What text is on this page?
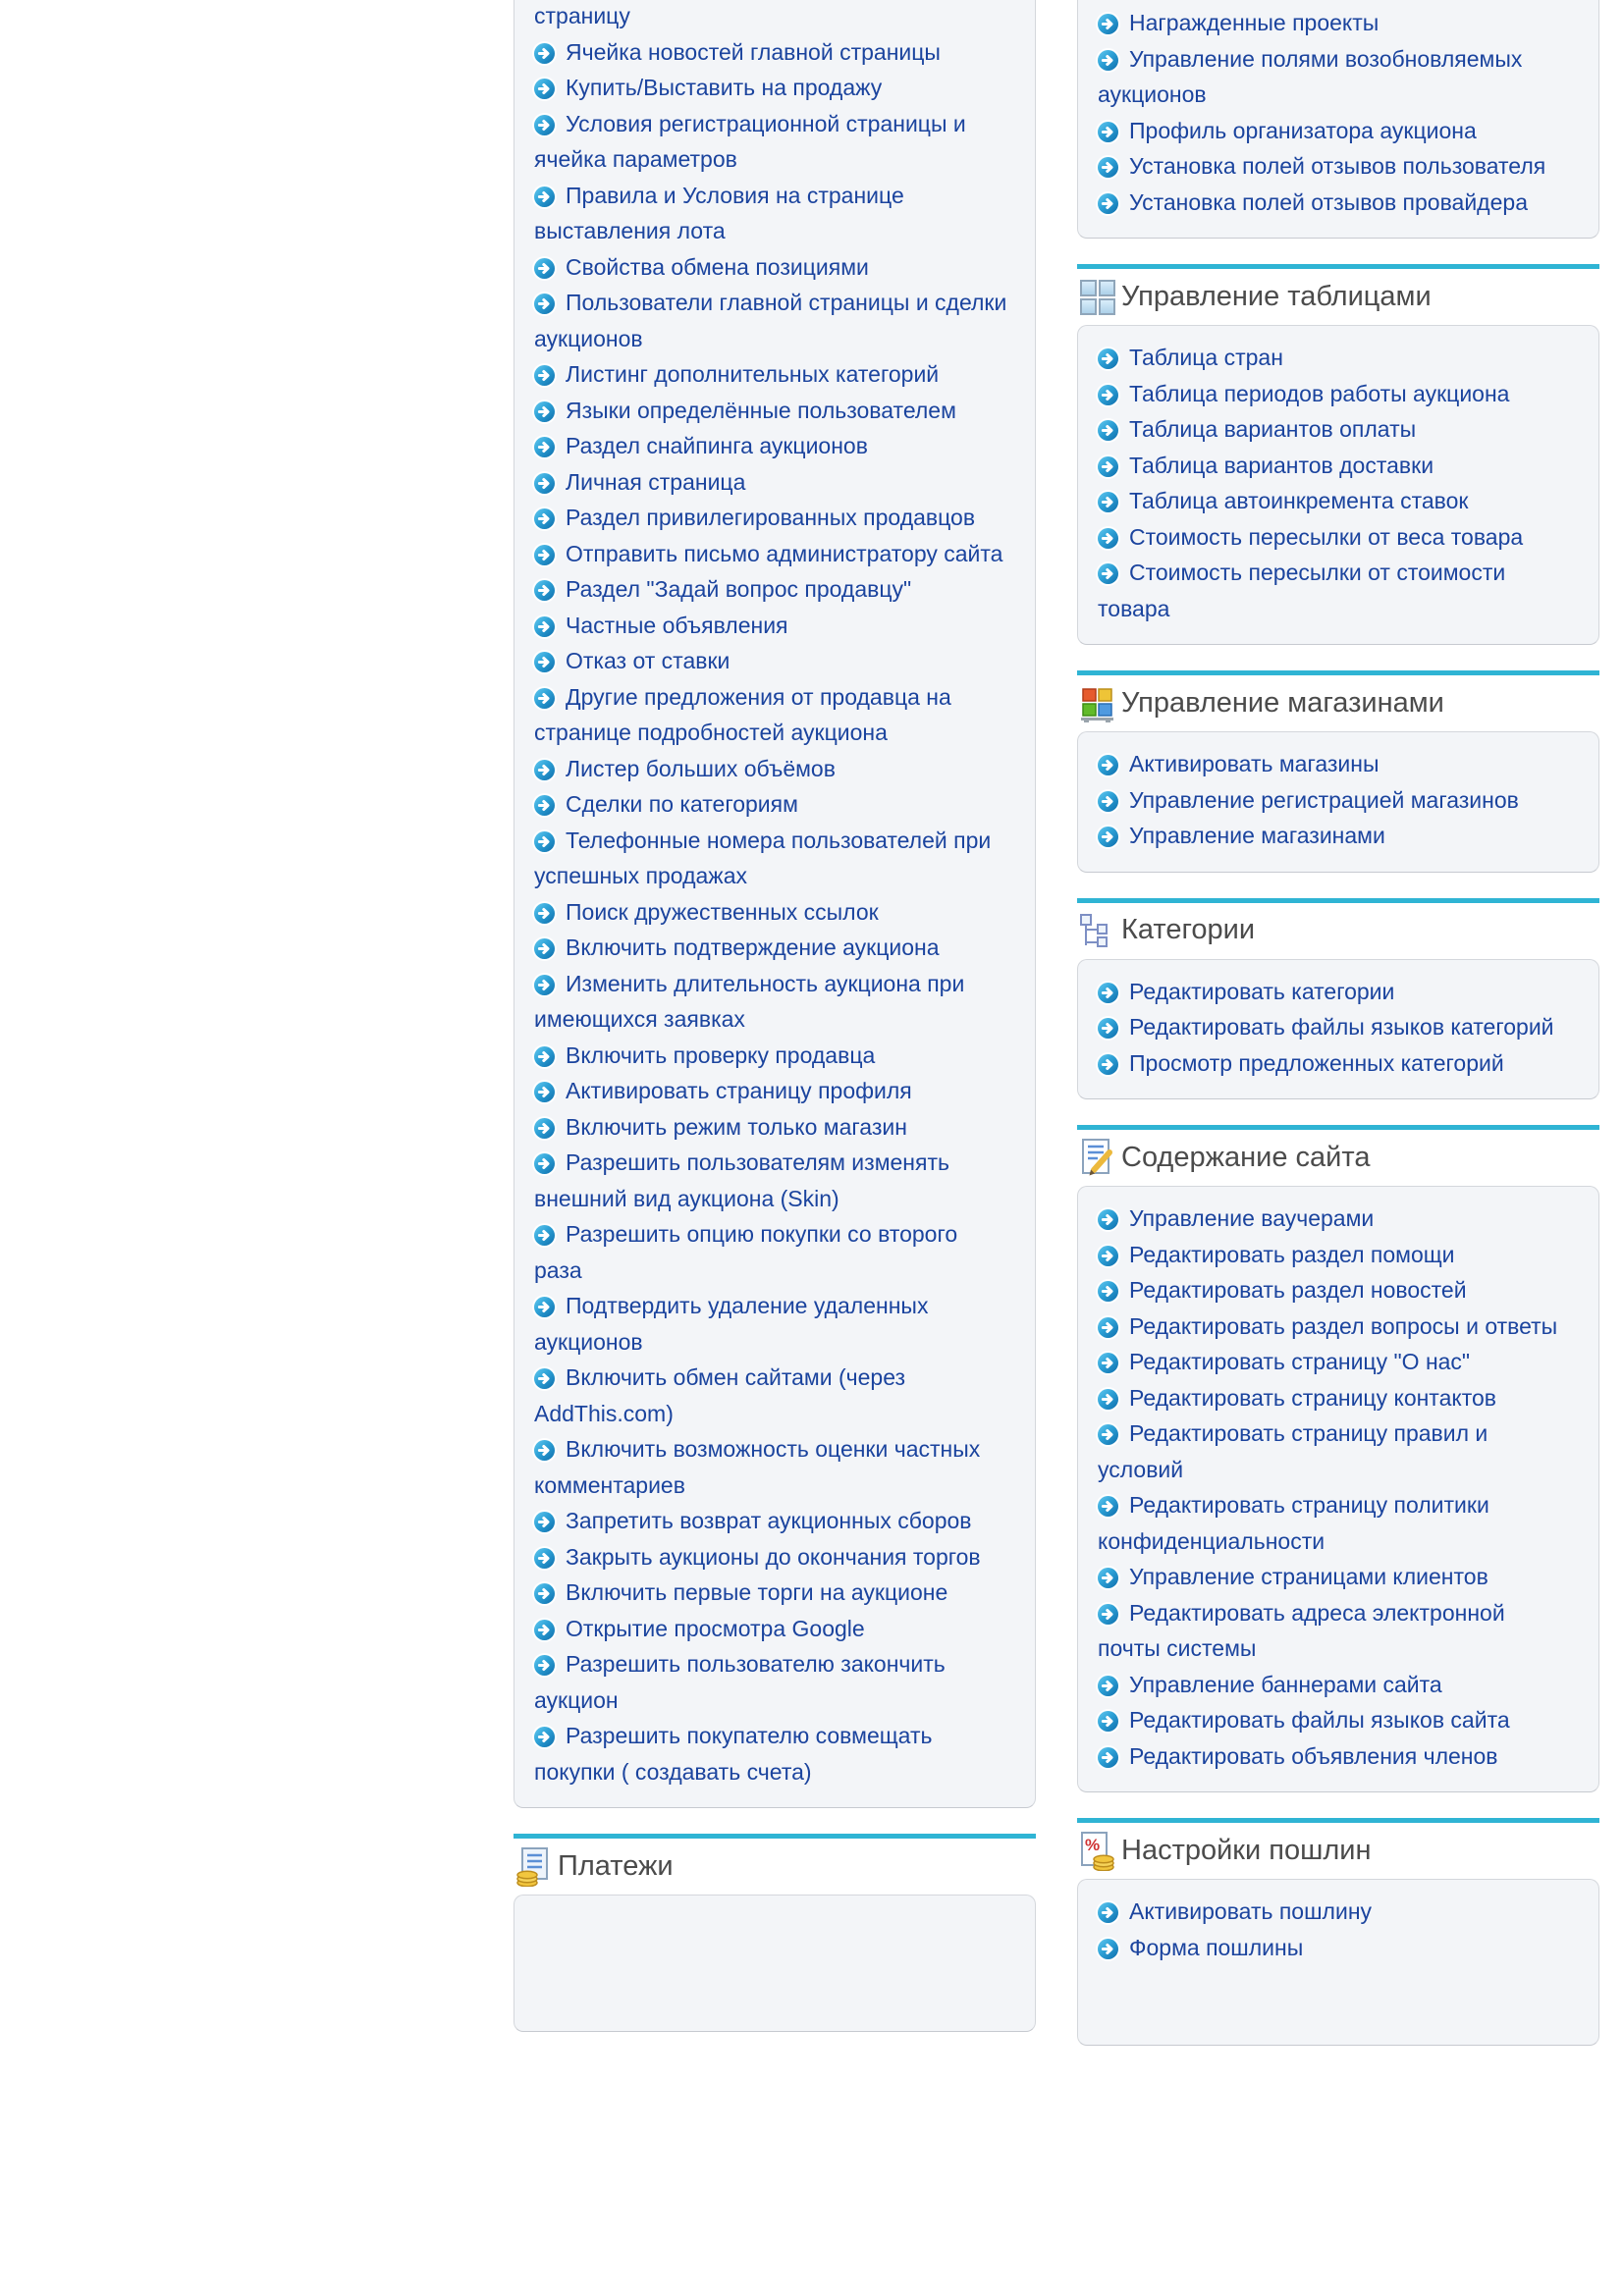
страницу

Ячейка новостей главной страницы

Купить/Выставить на продажу

Условия регистрационной страницы и ячейка параметров

Правила и Условия на странице выставления лота

Свойства обмена позициями

Пользователи главной страницы и сделки аукционов

Листинг дополнительных категорий

Языки определённые пользователем

Раздел снайпинга аукционов

Личная страница

Раздел привилегированных продавцов

Отправить письмо администратору сайта

Раздел "Задай вопрос продавцу"

Частные объявления

Отказ от ставки

Другие предложения от продавца на странице подробностей аукциона

Листер больших объёмов

Сделки по категориям

Телефонные номера пользователей при успешных продажах

Поиск дружественных ссылок

Включить подтверждение аукциона

Изменить длительность аукциона при имеющихся заявках

Включить проверку продавца

Активировать страницу профиля

Включить режим только магазин

Разрешить пользователям изменять внешний вид аукциона (Skin)

Разрешить опцию покупки со второго раза

Подтвердить удаление удаленных аукционов

Включить обмен сайтами (через AddThis.com)

Включить возможность оценки частных комментариев

Запретить возврат аукционных сборов

Закрыть аукционы до окончания торгов

Включить первые торги на аукционе

Открытие просмотра Google

Разрешить пользователю закончить аукцион

Разрешить покупателю совмещать покупки ( создавать счета)

Платежи

Награжденные проекты

Управление полями возобновляемых аукционов

Профиль организатора аукциона

Установка полей отзывов пользователя

Установка полей отзывов провайдера

Управление таблицами

Таблица стран

Таблица периодов работы аукциона

Таблица вариантов оплаты

Таблица вариантов доставки

Таблица автоинкремента ставок

Стоимость пересылки от веса товара

Стоимость пересылки от стоимости товара

Управление магазинами

Активировать магазины

Управление регистрацией магазинов

Управление магазинами

Категории

Редактировать категории

Редактировать файлы языков категорий

Просмотр предложенных категорий

Содержание сайта

Управление ваучерами

Редактировать раздел помощи

Редактировать раздел новостей

Редактировать раздел вопросы и ответы

Редактировать страницу "О нас"

Редактировать страницу контактов

Редактировать страницу правил и условий

Редактировать страницу политики конфиденциальности

Управление страницами клиентов

Редактировать адреса электронной почты системы

Управление баннерами сайта

Редактировать файлы языков сайта

Редактировать объявления членов

% Настройки пошлин

Активировать пошлину

Форма пошлины
